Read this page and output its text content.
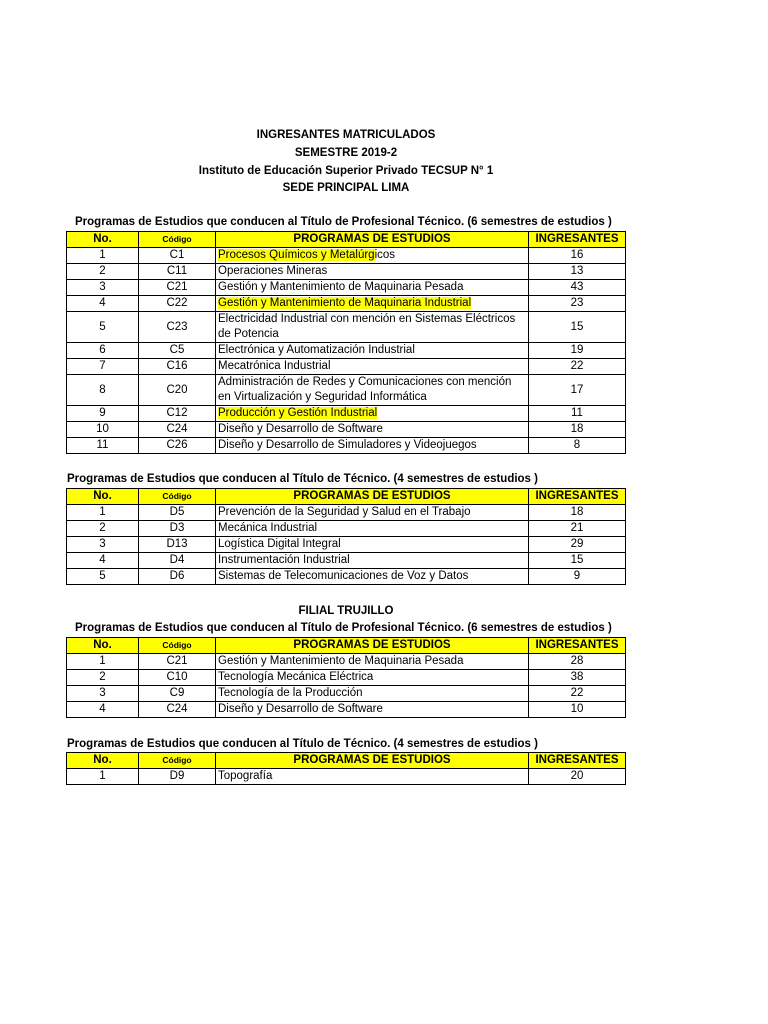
INGRESANTES MATRICULADOS
SEMESTRE 2019-2
Instituto de Educación Superior Privado TECSUP N° 1
SEDE PRINCIPAL LIMA
Programas de Estudios que conducen al Título de Profesional Técnico. (6 semestres de estudios )
No.	Código	PROGRAMAS DE ESTUDIOS	INGRESANTES
1	C1	Procesos Químicos y Metalúrgicos	16
2	C11	Operaciones Mineras	13
3	C21	Gestión y Mantenimiento de Maquinaria Pesada	43
4	C22	Gestión y Mantenimiento de Maquinaria Industrial	23
5	C23	Electricidad Industrial con mención en Sistemas Eléctricos de Potencia	15
6	C5	Electrónica y Automatización Industrial	19
7	C16	Mecatrónica Industrial	22
8	C20	Administración de Redes y Comunicaciones con mención en Virtualización y Seguridad Informática	17
9	C12	Producción y Gestión Industrial	11
10	C24	Diseño y Desarrollo de Software	18
11	C26	Diseño y Desarrollo de Simuladores y Videojuegos	8
Programas de Estudios que conducen al Título de Técnico. (4 semestres de estudios )
No.	Código	PROGRAMAS DE ESTUDIOS	INGRESANTES
1	D5	Prevención de la Seguridad y Salud en el Trabajo	18
2	D3	Mecánica Industrial	21
3	D13	Logística Digital Integral	29
4	D4	Instrumentación Industrial	15
5	D6	Sistemas de Telecomunicaciones de Voz y Datos	9
FILIAL TRUJILLO
Programas de Estudios que conducen al Título de Profesional Técnico. (6 semestres de estudios )
No.	Código	PROGRAMAS DE ESTUDIOS	INGRESANTES
1	C21	Gestión y Mantenimiento de Maquinaria Pesada	28
2	C10	Tecnología Mecánica Eléctrica	38
3	C9	Tecnología de la Producción	22
4	C24	Diseño y Desarrollo de Software	10
Programas de Estudios que conducen al Título de Técnico. (4 semestres de estudios )
No.	Código	PROGRAMAS DE ESTUDIOS	INGRESANTES
1	D9	Topografía	20
